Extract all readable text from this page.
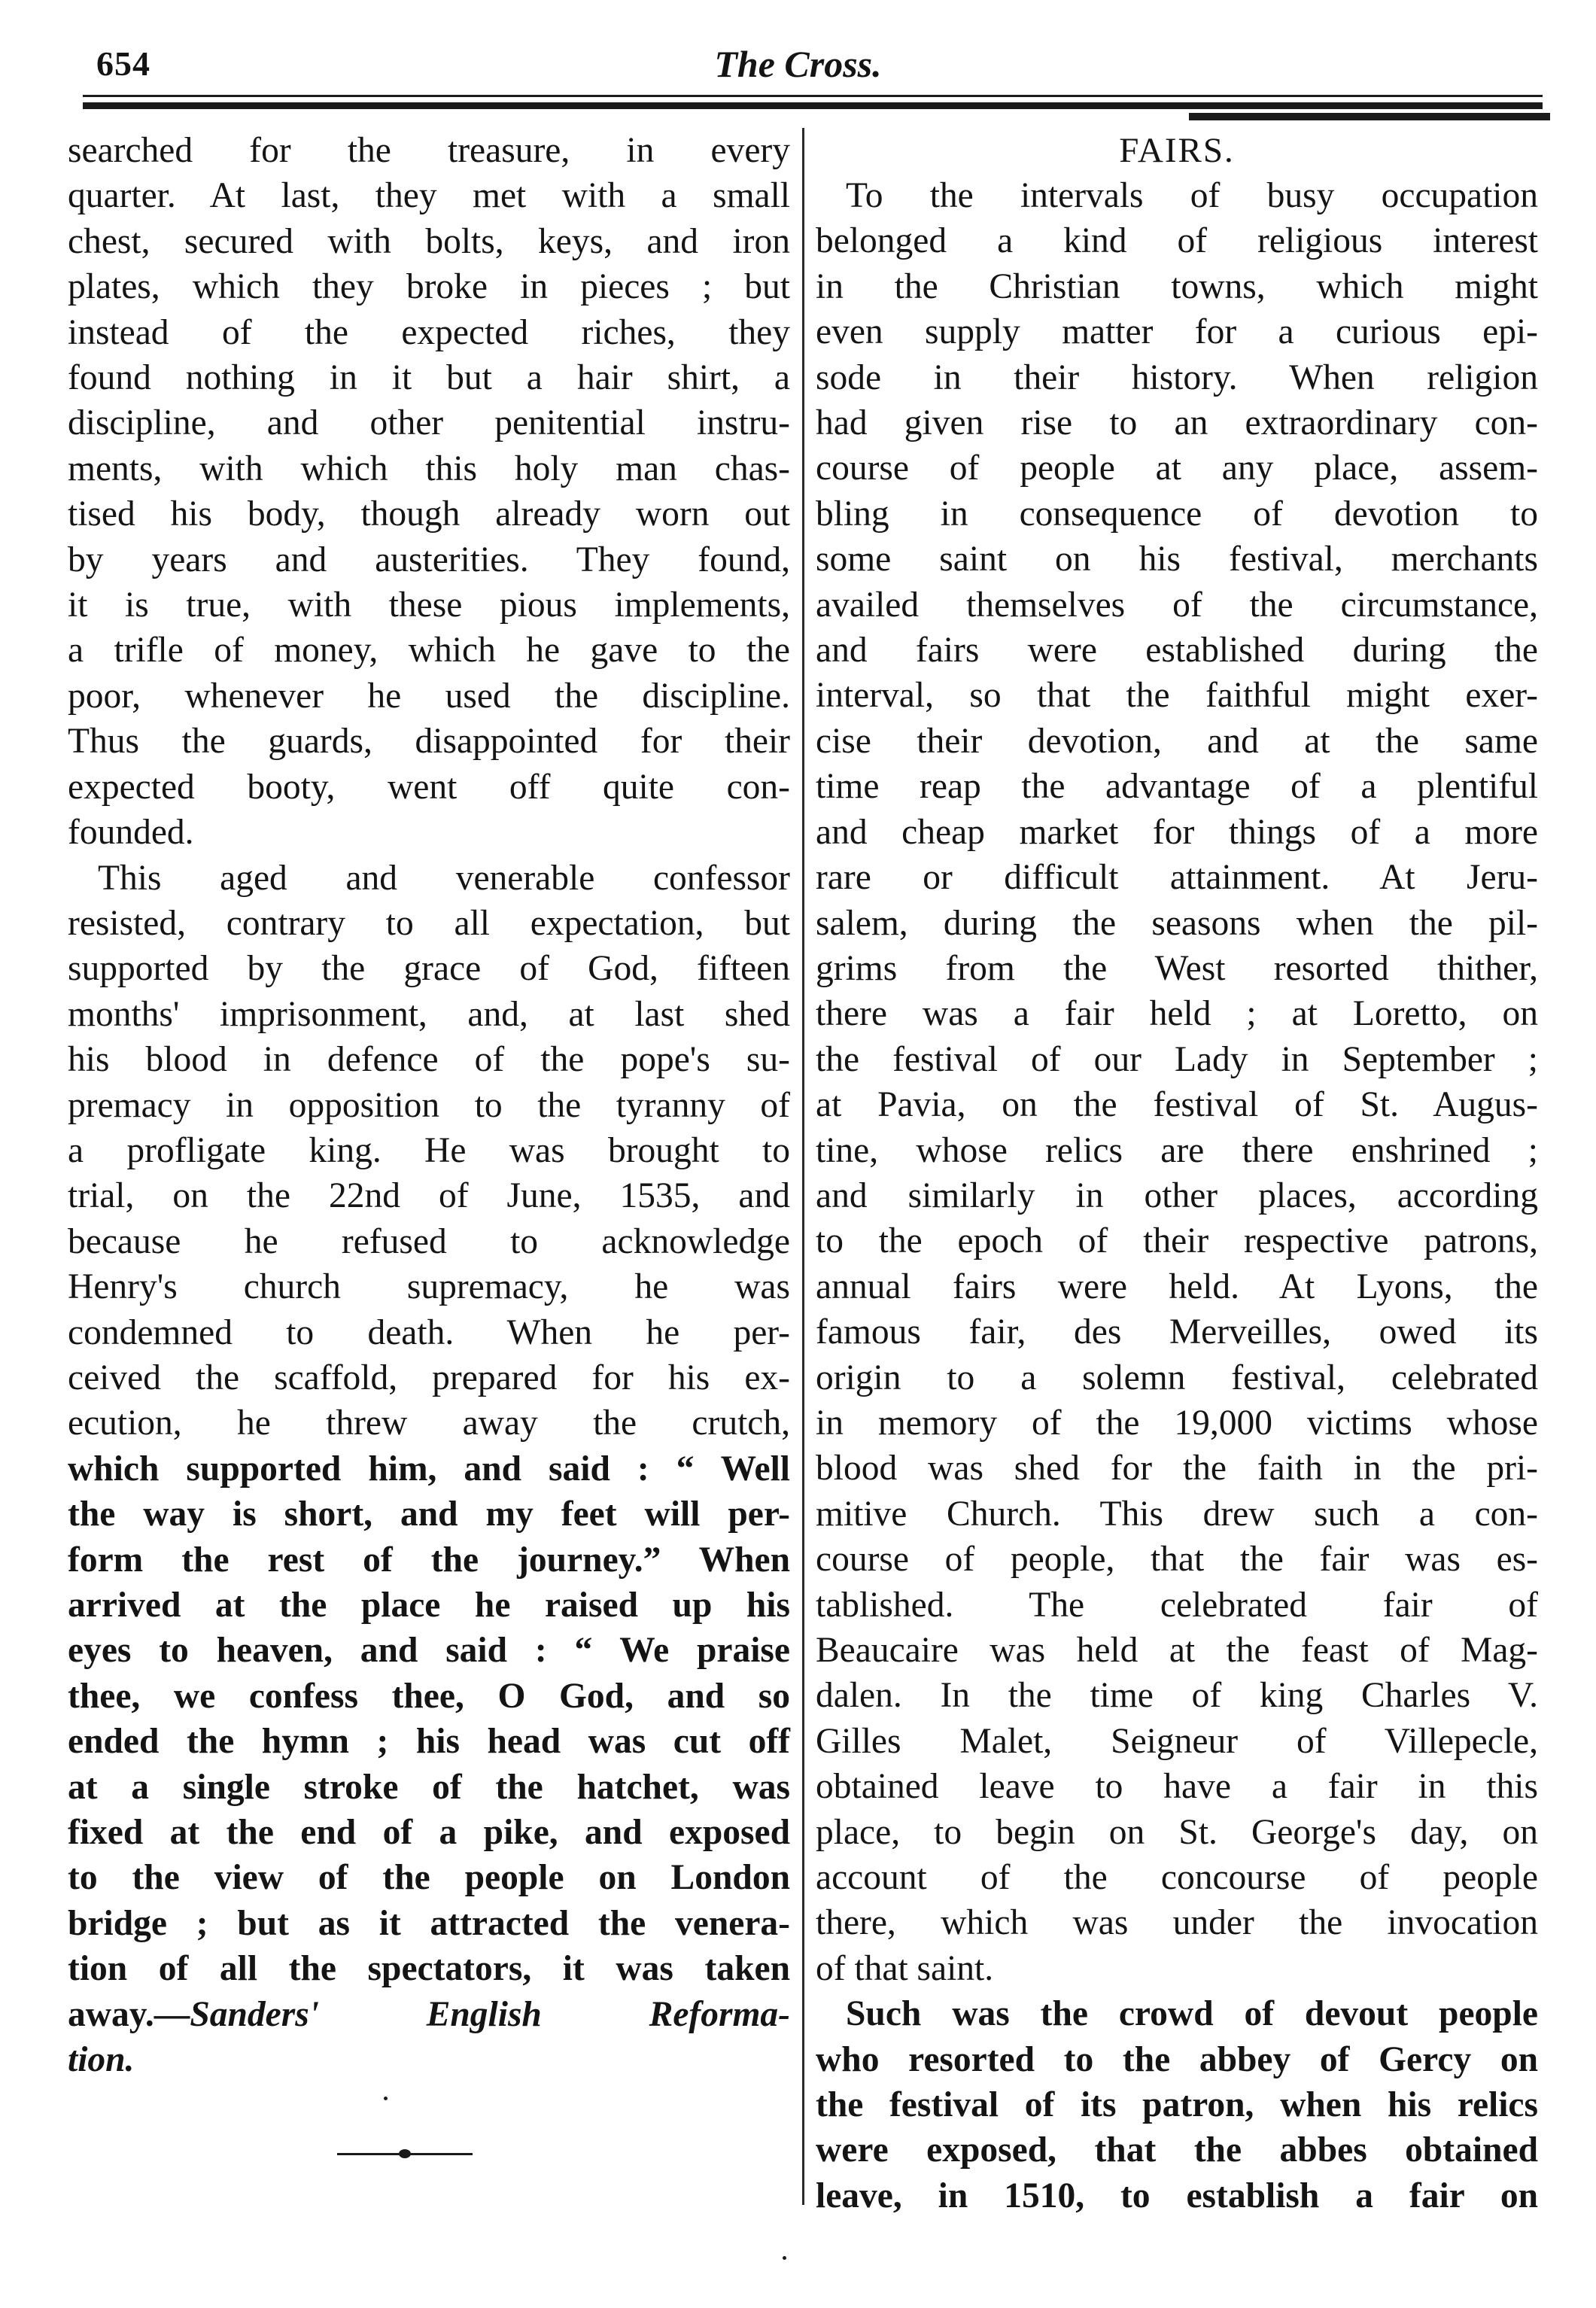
654	The Cross.

searched for the treasure, in every
quarter. At last, they met with a small
chest, secured with bolts, keys, and iron
plates, which they broke in pieces ; but
instead of the expected riches, they
found nothing in it but a hair shirt, a
discipline, and other penitential instru-
ments, with which this holy man chas-
tised his body, though already worn out
by years and austerities. They found,
it is true, with these pious implements,
a trifle of money, which he gave to the
poor, whenever he used the discipline.
Thus the guards, disappointed for their
expected booty, went off quite con-
founded.

This aged and venerable confessor
resisted, contrary to all expectation, but
supported by the grace of God, fifteen
months' imprisonment, and, at last shed
his blood in defence of the pope's su-
premacy in opposition to the tyranny of
a profligate king. He was brought to
trial, on the 22nd of June, 1535, and
because he refused to acknowledge
Henry's church supremacy, he was
condemned to death. When he per-
ceived the scaffold, prepared for his ex-
ecution, he threw away the crutch,
which supported him, and said : “ Well
the way is short, and my feet will per-
form the rest of the journey.” When
arrived at the place he raised up his
eyes to heaven, and said : “ We praise
thee, we confess thee, O God, and so
ended the hymn ; his head was cut off
at a single stroke of the hatchet, was
fixed at the end of a pike, and exposed
to the view of the people on London
bridge ; but as it attracted the venera-
tion of all the spectators, it was taken

away.—Sanders' English Reforma-
tion.
FAIRS.

To the intervals of busy occupation
belonged a kind of religious interest
in the Christian towns, which might
even supply matter for a curious epi-
sode in their history. When religion
had given rise to an extraordinary con-
course of people at any place, assem-
bling in consequence of devotion to
some saint on his festival, merchants
availed themselves of the circumstance,
and fairs were established during the
interval, so that the faithful might exer-
cise their devotion, and at the same
time reap the advantage of a plentiful
and cheap market for things of a more
rare or difficult attainment. At Jeru-
salem, during the seasons when the pil-
grims from the West resorted thither,
there was a fair held ; at Loretto, on
the festival of our Lady in September ;
at Pavia, on the festival of St. Augus-
tine, whose relics are there enshrined ;
and similarly in other places, according
to the epoch of their respective patrons,
annual fairs were held. At Lyons, the
famous fair, des Merveilles, owed its
origin to a solemn festival, celebrated
in memory of the 19,000 victims whose
blood was shed for the faith in the pri-
mitive Church. This drew such a con-
course of people, that the fair was es-
tablished. The celebrated fair of
Beaucaire was held at the feast of Mag-
dalen. In the time of king Charles V.
Gilles Malet, Seigneur of Villepecle,
obtained leave to have a fair in this
place, to begin on St. George's day, on
account of the concourse of people
there, which was under the invocation
of that saint.

Such was the crowd of devout people
who resorted to the abbey of Gercy on
the festival of its patron, when his relics
were exposed, that the abbes obtained
leave, in 1510, to establish a fair on
